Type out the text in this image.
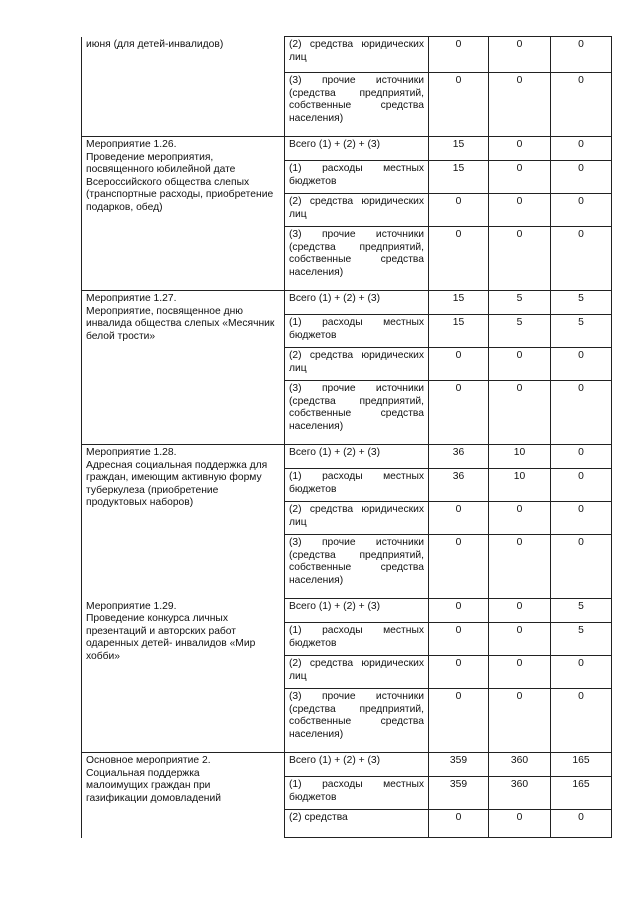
июня (для детей-инвалидов)	(2) средства юридических лиц	0	0	0
	(3) прочие источники (средства предприятий, собственные средства населения)	0	0	0

Мероприятие 1.26.
Проведение мероприятия, посвященного юбилейной дате Всероссийского общества слепых (транспортные расходы, приобретение подарков, обед)	Всего (1) + (2) + (3)	15	0	0
	(1) расходы местных бюджетов	15	0	0
	(2) средства юридических лиц	0	0	0
	(3) прочие источники (средства предприятий, собственные средства населения)	0	0	0

Мероприятие 1.27.
Мероприятие, посвященное дню инвалида общества слепых «Месячник белой трости»	Всего (1) + (2) + (3)	15	5	5
	(1) расходы местных бюджетов	15	5	5
	(2) средства юридических лиц	0	0	0
	(3) прочие источники (средства предприятий, собственные средства населения)	0	0	0

Мероприятие 1.28.
Адресная социальная поддержка для граждан, имеющим активную форму туберкулеза (приобретение продуктовых наборов)	Всего (1) + (2) + (3)	36	10	0
	(1) расходы местных бюджетов	36	10	0
	(2) средства юридических лиц	0	0	0
	(3) прочие источники (средства предприятий, собственные средства населения)	0	0	0

Мероприятие 1.29.
Проведение конкурса личных
презентаций и авторских работ
одаренных детей- инвалидов «Мир хобби»	Всего (1) + (2) + (3)	0	0	5
	(1) расходы местных бюджетов	0	0	5
	(2) средства юридических лиц	0	0	0
	(3) прочие источники (средства предприятий, собственные средства населения)	0	0	0

Основное мероприятие 2.
Социальная поддержка
малоимущих граждан при
газификации домовладений	Всего (1) + (2) + (3)	359	360	165
	(1) расходы местных бюджетов	359	360	165
	(2) средства	0	0	0
